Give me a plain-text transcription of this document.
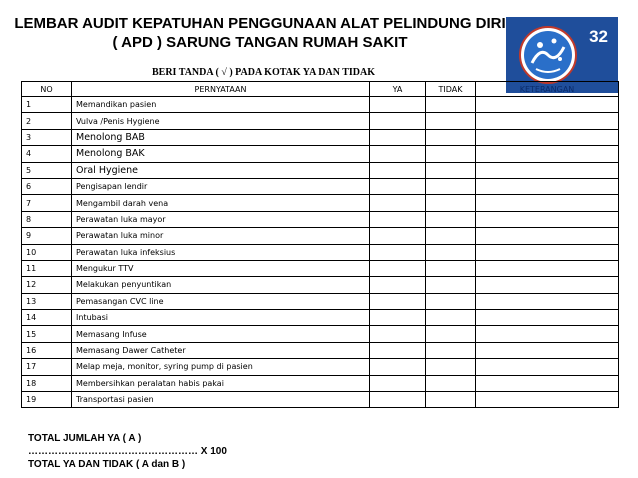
LEMBAR AUDIT KEPATUHAN PENGGUNAAN ALAT PELINDUNG DIRI
( APD ) SARUNG TANGAN RUMAH SAKIT	32
BERI TANDA ( √ ) PADA KOTAK YA DAN TIDAK
NO	PERNYATAAN	YA	TIDAK	KETERANGAN
1	Memandikan pasien			
2	Vulva /Penis Hygiene			
3	Menolong BAB			
4	Menolong BAK			
5	Oral Hygiene			
6	Pengisapan lendir			
7	Mengambil darah vena			
8	Perawatan luka mayor			
9	Perawatan luka minor			
10	Perawatan luka infeksius			
11	Mengukur TTV			
12	Melakukan penyuntikan			
13	Pemasangan CVC line			
14	Intubasi			
15	Memasang Infuse			
16	Memasang Dawer Catheter			
17	Melap meja, monitor, syring pump di pasien			
18	Membersihkan peralatan habis pakai			
19	Transportasi pasien			
TOTAL JUMLAH YA ( A )
…………………………………………… X 100
TOTAL YA DAN TIDAK ( A dan B )
